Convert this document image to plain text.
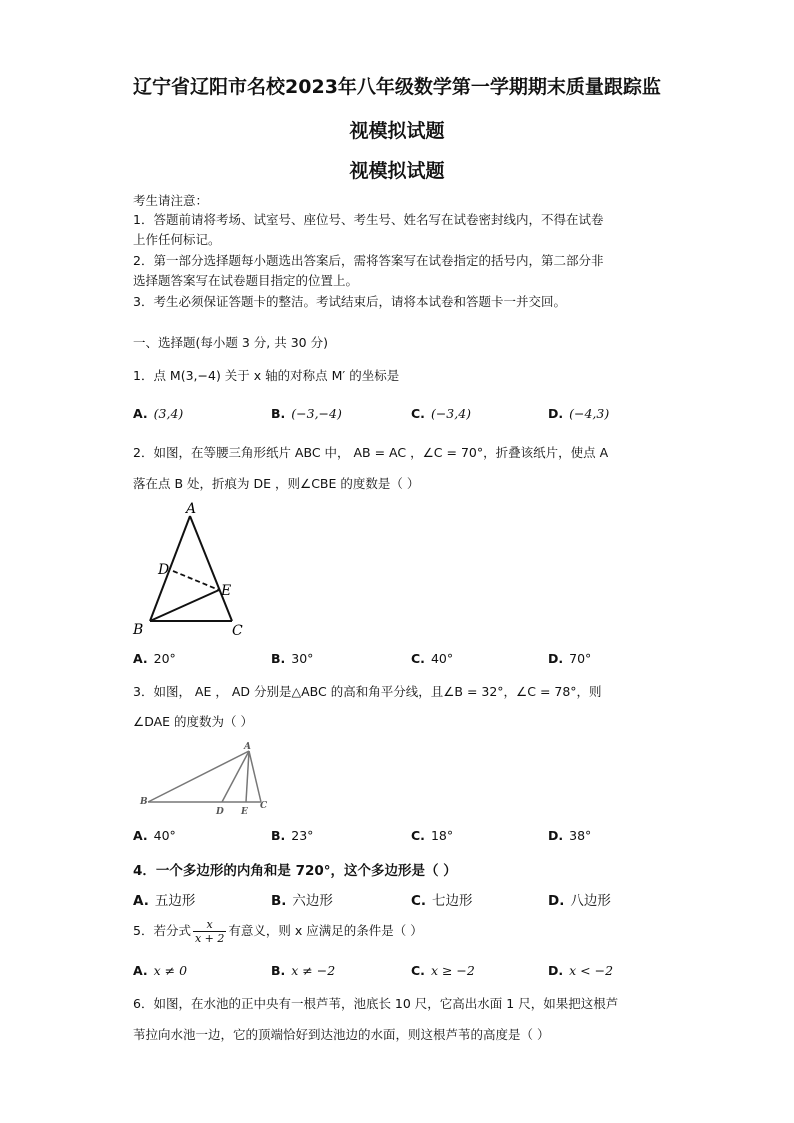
辽宁省辽阳市名校2023年八年级数学第一学期期末质量跟踪监
视模拟试题
视模拟试题
考生请注意：
1．答题前请将考场、试室号、座位号、考生号、姓名写在试卷密封线内，不得在试卷
上作任何标记。
2．第一部分选择题每小题选出答案后，需将答案写在试卷指定的括号内，第二部分非
选择题答案写在试卷题目指定的位置上。
3．考生必须保证答题卡的整洁。考试结束后，请将本试卷和答题卡一并交回。
一、选择题(每小题 3 分, 共 30 分)
1．点 M(3,−4) 关于 x 轴的对称点 M′ 的坐标是
A. (3,4)	B. (−3,−4)	C. (−3,4)	D. (−4,3)
2．如图，在等腰三角形纸片 ABC 中， AB = AC ，∠C = 70°，折叠该纸片，使点 A
落在点 B 处，折痕为 DE ，则∠CBE 的度数是（ ）
A
D
E
B	C
A. 20°	B. 30°	C. 40°	D. 70°
3．如图， AE ， AD 分别是△ABC 的高和角平分线，且∠B = 32°，∠C = 78°，则
∠DAE 的度数为（ ）
A
B
D E
C
A. 40°	B. 23°	C. 18°	D. 38°
4．一个多边形的内角和是 720°，这个多边形是（ ）
A. 五边形	B. 六边形	C. 七边形	D. 八边形
5．若分式 $\frac{x}{x + 2}$ 有意义，则 x 应满足的条件是（ ）
A. x ≠ 0	B. x ≠ −2	C. x ≥ −2	D. x < −2
6．如图，在水池的正中央有一根芦苇，池底长 10 尺，它高出水面 1 尺，如果把这根芦
苇拉向水池一边，它的顶端恰好到达池边的水面，则这根芦苇的高度是（ ）
